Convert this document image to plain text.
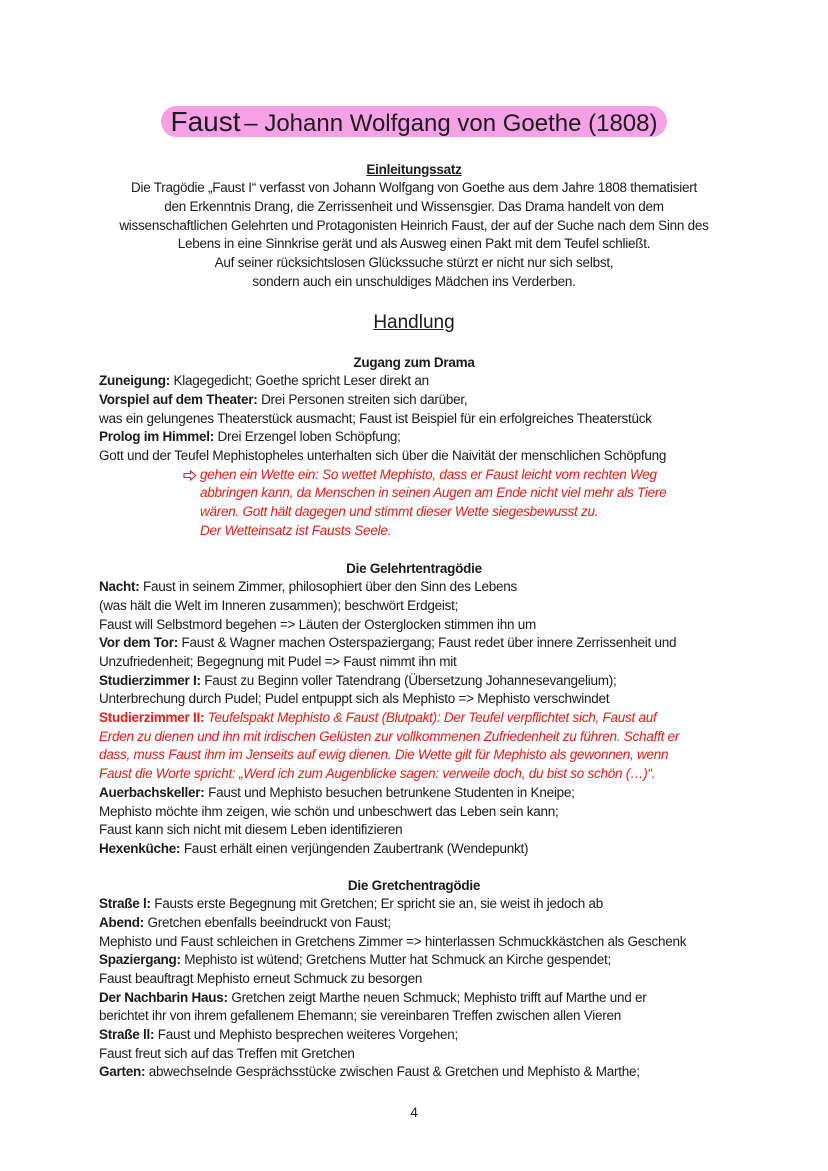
Faust – Johann Wolfgang von Goethe (1808)
Einleitungssatz
Die Tragödie „Faust I“ verfasst von Johann Wolfgang von Goethe aus dem Jahre 1808 thematisiert
den Erkenntnis Drang, die Zerrissenheit und Wissensgier. Das Drama handelt von dem
wissenschaftlichen Gelehrten und Protagonisten Heinrich Faust, der auf der Suche nach dem Sinn des
Lebens in eine Sinnkrise gerät und als Ausweg einen Pakt mit dem Teufel schließt.
Auf seiner rücksichtslosen Glückssuche stürzt er nicht nur sich selbst,
sondern auch ein unschuldiges Mädchen ins Verderben.
Handlung
Zugang zum Drama
Zuneigung: Klagegedicht; Goethe spricht Leser direkt an
Vorspiel auf dem Theater: Drei Personen streiten sich darüber,
was ein gelungenes Theaterstück ausmacht; Faust ist Beispiel für ein erfolgreiches Theaterstück
Prolog im Himmel: Drei Erzengel loben Schöpfung;
Gott und der Teufel Mephistopheles unterhalten sich über die Naivität der menschlichen Schöpfung
gehen ein Wette ein: So wettet Mephisto, dass er Faust leicht vom rechten Weg
abbringen kann, da Menschen in seinen Augen am Ende nicht viel mehr als Tiere
wären. Gott hält dagegen und stimmt dieser Wette siegesbewusst zu.
Der Wetteinsatz ist Fausts Seele.
Die Gelehrtentragödie
Nacht: Faust in seinem Zimmer, philosophiert über den Sinn des Lebens
(was hält die Welt im Inneren zusammen); beschwört Erdgeist;
Faust will Selbstmord begehen => Läuten der Osterglocken stimmen ihn um
Vor dem Tor: Faust & Wagner machen Osterspaziergang; Faust redet über innere Zerrissenheit und
Unzufriedenheit; Begegnung mit Pudel => Faust nimmt ihn mit
Studierzimmer I: Faust zu Beginn voller Tatendrang (Übersetzung Johannesevangelium);
Unterbrechung durch Pudel; Pudel entpuppt sich als Mephisto => Mephisto verschwindet
Studierzimmer II: Teufelspakt Mephisto & Faust (Blutpakt): Der Teufel verpflichtet sich, Faust auf
Erden zu dienen und ihn mit irdischen Gelüsten zur vollkommenen Zufriedenheit zu führen. Schafft er
dass, muss Faust ihm im Jenseits auf ewig dienen. Die Wette gilt für Mephisto als gewonnen, wenn
Faust die Worte spricht: „Werd ich zum Augenblicke sagen: verweile doch, du bist so schön (…)“.
Auerbachskeller: Faust und Mephisto besuchen betrunkene Studenten in Kneipe;
Mephisto möchte ihm zeigen, wie schön und unbeschwert das Leben sein kann;
Faust kann sich nicht mit diesem Leben identifizieren
Hexenküche: Faust erhält einen verjüngenden Zaubertrank (Wendepunkt)
Die Gretchentragödie
Straße l: Fausts erste Begegnung mit Gretchen; Er spricht sie an, sie weist ih jedoch ab
Abend: Gretchen ebenfalls beeindruckt von Faust;
Mephisto und Faust schleichen in Gretchens Zimmer => hinterlassen Schmuckkästchen als Geschenk
Spaziergang: Mephisto ist wütend; Gretchens Mutter hat Schmuck an Kirche gespendet;
Faust beauftragt Mephisto erneut Schmuck zu besorgen
Der Nachbarin Haus: Gretchen zeigt Marthe neuen Schmuck; Mephisto trifft auf Marthe und er
berichtet ihr von ihrem gefallenem Ehemann; sie vereinbaren Treffen zwischen allen Vieren
Straße ll: Faust und Mephisto besprechen weiteres Vorgehen;
Faust freut sich auf das Treffen mit Gretchen
Garten: abwechselnde Gesprächsstücke zwischen Faust & Gretchen und Mephisto & Marthe;
4
